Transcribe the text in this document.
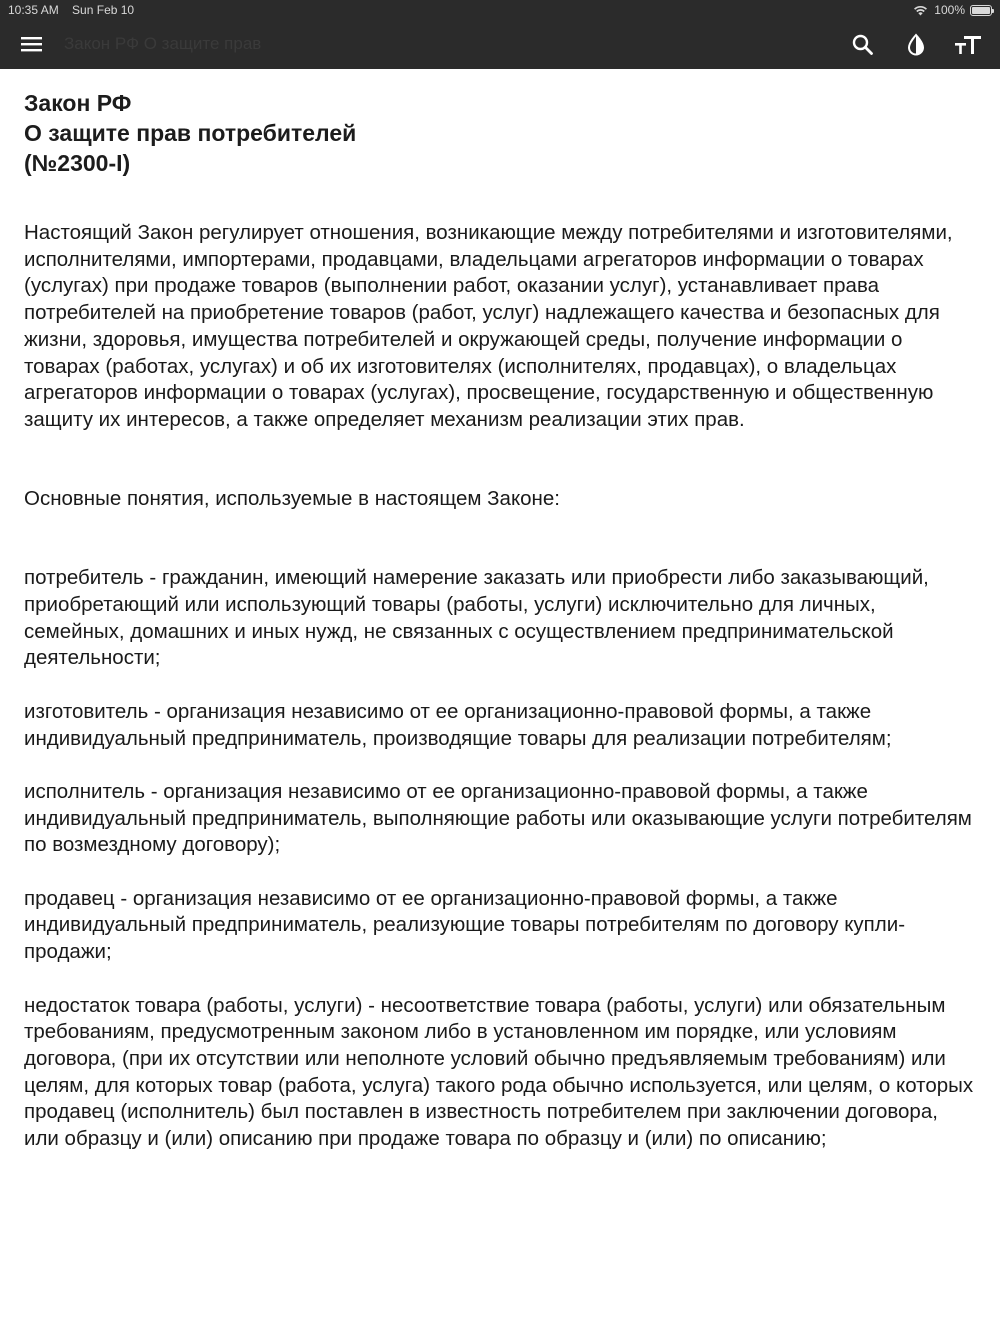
10:35 AM Sun Feb 10	100%
Закон РФ О защите прав
Закон РФ
О защите прав потребителей
(№2300-I)

Настоящий Закон регулирует отношения, возникающие между потребителями и изготовителями, исполнителями, импортерами, продавцами, владельцами агрегаторов информации о товарах (услугах) при продаже товаров (выполнении работ, оказании услуг), устанавливает права потребителей на приобретение товаров (работ, услуг) надлежащего качества и безопасных для жизни, здоровья, имущества потребителей и окружающей среды, получение информации о товарах (работах, услугах) и об их изготовителях (исполнителях, продавцах), о владельцах агрегаторов информации о товарах (услугах), просвещение, государственную и общественную защиту их интересов, а также определяет механизм реализации этих прав.

Основные понятия, используемые в настоящем Законе:

потребитель - гражданин, имеющий намерение заказать или приобрести либо заказывающий, приобретающий или использующий товары (работы, услуги) исключительно для личных, семейных, домашних и иных нужд, не связанных с осуществлением предпринимательской деятельности;

изготовитель - организация независимо от ее организационно-правовой формы, а также индивидуальный предприниматель, производящие товары для реализации потребителям;

исполнитель - организация независимо от ее организационно-правовой формы, а также индивидуальный предприниматель, выполняющие работы или оказывающие услуги потребителям по возмездному договору);

продавец - организация независимо от ее организационно-правовой формы, а также индивидуальный предприниматель, реализующие товары потребителям по договору купли-продажи;

недостаток товара (работы, услуги) - несоответствие товара (работы, услуги) или обязательным требованиям, предусмотренным законом либо в установленном им порядке, или условиям договора, (при их отсутствии или неполноте условий обычно предъявляемым требованиям) или целям, для которых товар (работа, услуга) такого рода обычно используется, или целям, о которых продавец (исполнитель) был поставлен в известность потребителем при заключении договора, или образцу и (или) описанию при продаже товара по образцу и (или) по описанию;
